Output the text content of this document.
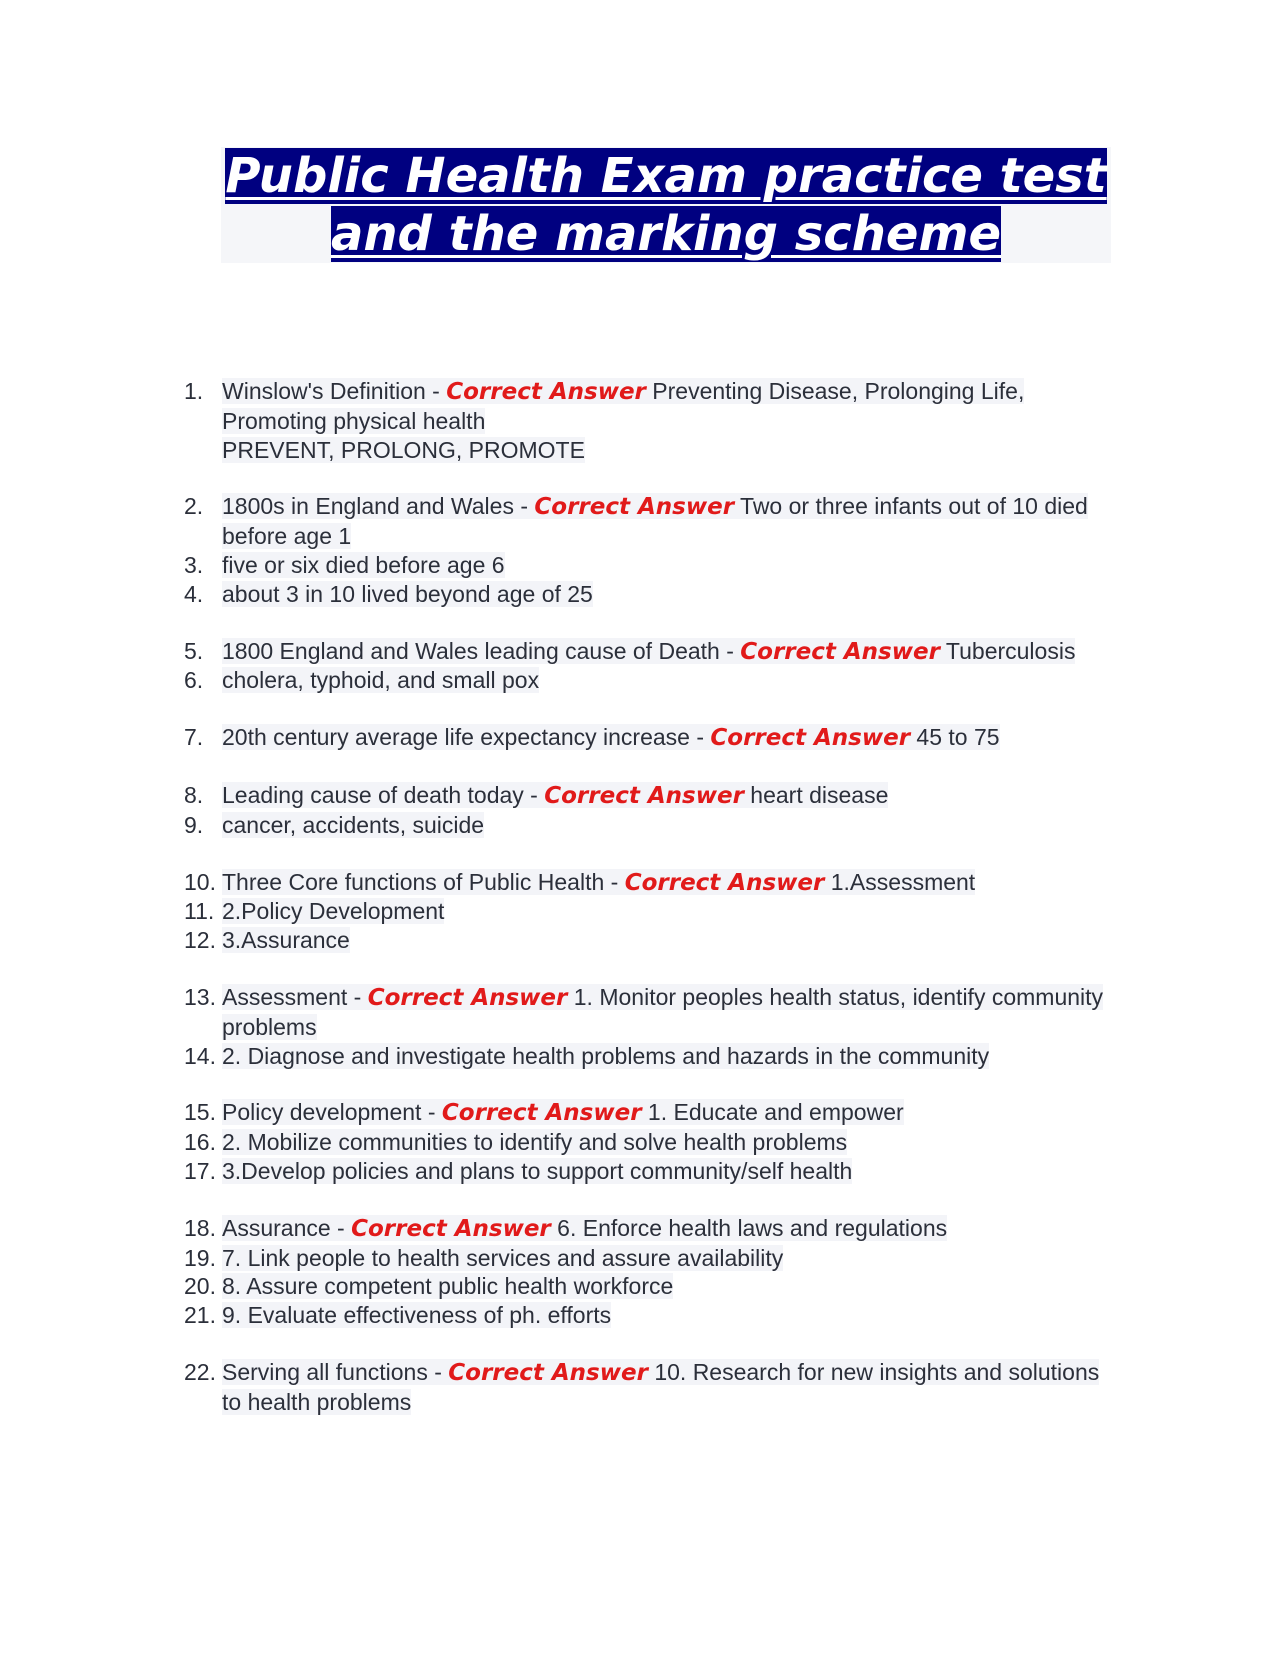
Public Health Exam practice test and the marking scheme
1. Winslow's Definition - Correct Answer Preventing Disease, Prolonging Life, Promoting physical health
PREVENT, PROLONG, PROMOTE
2. 1800s in England and Wales - Correct Answer Two or three infants out of 10 died before age 1
3. five or six died before age 6
4. about 3 in 10 lived beyond age of 25
5. 1800 England and Wales leading cause of Death - Correct Answer Tuberculosis
6. cholera, typhoid, and small pox
7. 20th century average life expectancy increase - Correct Answer 45 to 75
8. Leading cause of death today - Correct Answer heart disease
9. cancer, accidents, suicide
10. Three Core functions of Public Health - Correct Answer 1.Assessment
11. 2.Policy Development
12. 3.Assurance
13. Assessment - Correct Answer 1. Monitor peoples health status, identify community problems
14. 2. Diagnose and investigate health problems and hazards in the community
15. Policy development - Correct Answer 1. Educate and empower
16. 2. Mobilize communities to identify and solve health problems
17. 3.Develop policies and plans to support community/self health
18. Assurance - Correct Answer 6. Enforce health laws and regulations
19. 7. Link people to health services and assure availability
20. 8. Assure competent public health workforce
21. 9. Evaluate effectiveness of ph. efforts
22. Serving all functions - Correct Answer 10. Research for new insights and solutions to health problems
